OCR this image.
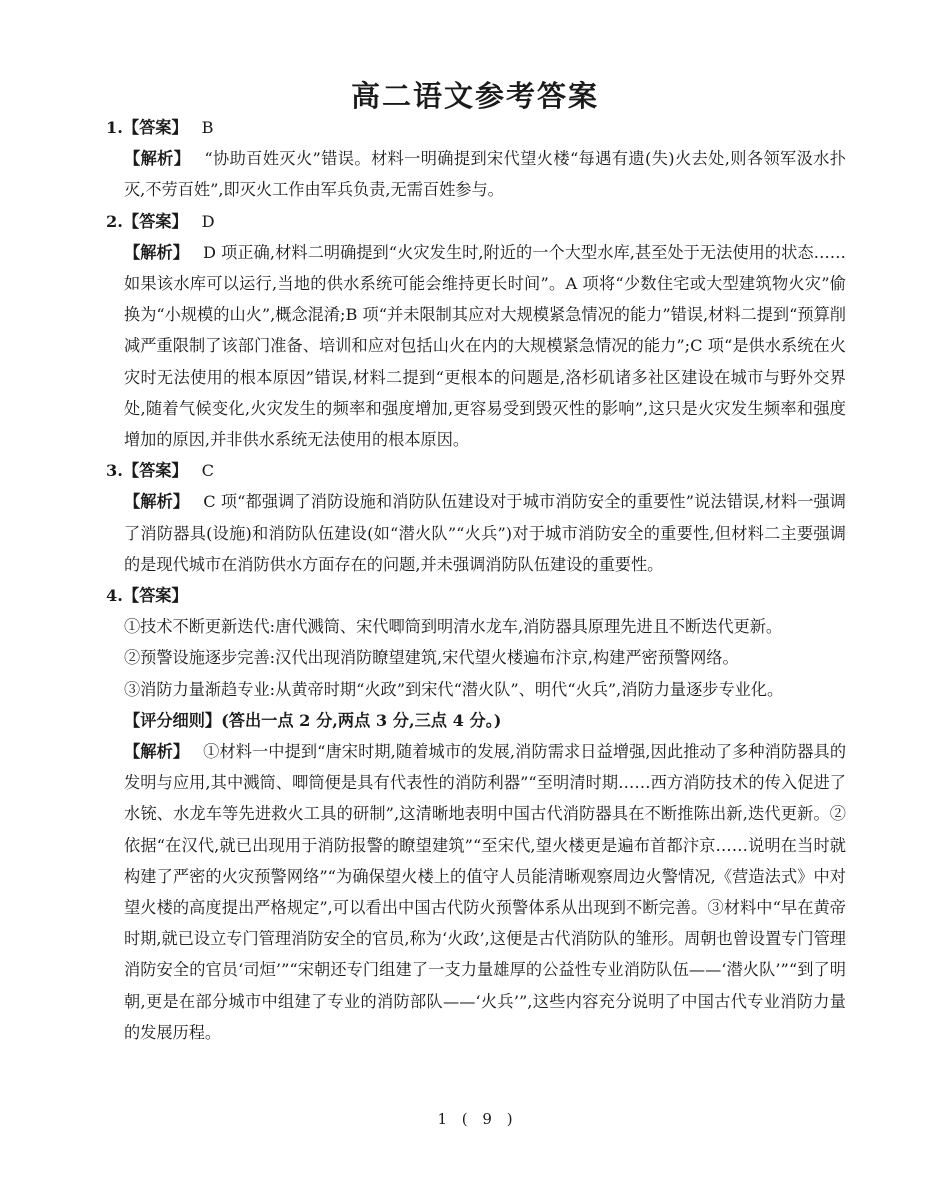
高二语文参考答案
1.【答案】 B
【解析】 “协助百姓灭火”错误。材料一明确提到宋代望火楼“每遇有遗(失)火去处,则各领军汲水扑灭,不劳百姓”,即灭火工作由军兵负责,无需百姓参与。
2.【答案】 D
【解析】 D 项正确,材料二明确提到“火灾发生时,附近的一个大型水库,甚至处于无法使用的状态……如果该水库可以运行,当地的供水系统可能会维持更长时间”。A 项将“少数住宅或大型建筑物火灾”偷换为“小规模的山火”,概念混淆;B 项“并未限制其应对大规模紧急情况的能力”错误,材料二提到“预算削减严重限制了该部门准备、培训和应对包括山火在内的大规模紧急情况的能力”;C 项“是供水系统在火灾时无法使用的根本原因”错误,材料二提到“更根本的问题是,洛杉矶诸多社区建设在城市与野外交界处,随着气候变化,火灾发生的频率和强度增加,更容易受到毁灭性的影响”,这只是火灾发生频率和强度增加的原因,并非供水系统无法使用的根本原因。
3.【答案】 C
【解析】 C 项“都强调了消防设施和消防队伍建设对于城市消防安全的重要性”说法错误,材料一强调了消防器具(设施)和消防队伍建设(如“潜火队”“火兵”)对于城市消防安全的重要性,但材料二主要强调的是现代城市在消防供水方面存在的问题,并未强调消防队伍建设的重要性。
4.【答案】
①技术不断更新迭代:唐代溅筒、宋代唧筒到明清水龙车,消防器具原理先进且不断迭代更新。
②预警设施逐步完善:汉代出现消防瞭望建筑,宋代望火楼遍布汴京,构建严密预警网络。
③消防力量渐趋专业:从黄帝时期“火政”到宋代“潜火队”、明代“火兵”,消防力量逐步专业化。
【评分细则】(答出一点 2 分,两点 3 分,三点 4 分。)
【解析】 ①材料一中提到“唐宋时期,随着城市的发展,消防需求日益增强,因此推动了多种消防器具的发明与应用,其中溅筒、唧筒便是具有代表性的消防利器”“至明清时期……西方消防技术的传入促进了水铳、水龙车等先进救火工具的研制”,这清晰地表明中国古代消防器具在不断推陈出新,迭代更新。②依据“在汉代,就已出现用于消防报警的瞭望建筑”“至宋代,望火楼更是遍布首都汴京……说明在当时就构建了严密的火灾预警网络”“为确保望火楼上的值守人员能清晰观察周边火警情况,《营造法式》中对望火楼的高度提出严格规定”,可以看出中国古代防火预警体系从出现到不断完善。③材料中“早在黄帝时期,就已设立专门管理消防安全的官员,称为‘火政’,这便是古代消防队的雏形。周朝也曾设置专门管理消防安全的官员‘司烜’”“宋朝还专门组建了一支力量雄厚的公益性专业消防队伍——‘潜火队’”“到了明朝,更是在部分城市中组建了专业的消防部队——‘火兵’”,这些内容充分说明了中国古代专业消防力量的发展历程。
1 ( 9 )
